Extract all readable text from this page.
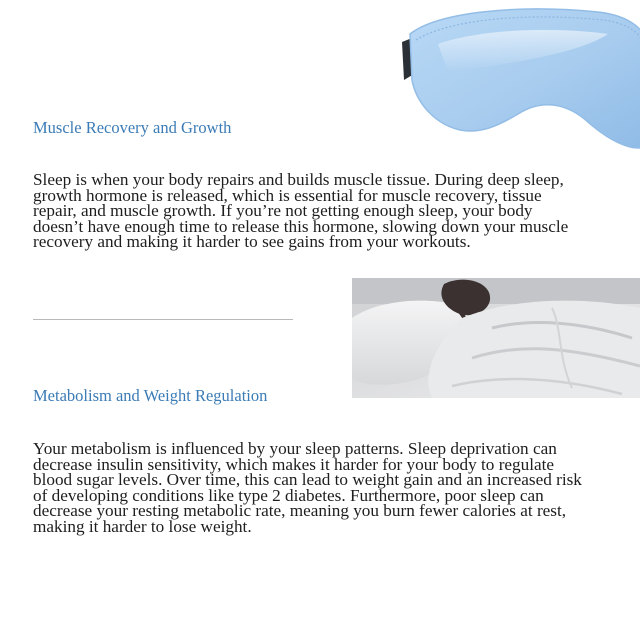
Muscle Recovery and Growth

Sleep is when your body repairs and builds muscle tissue. During deep sleep, growth hormone is released, which is essential for muscle recovery, tissue repair, and muscle growth. If you’re not getting enough sleep, your body doesn’t have enough time to release this hormone, slowing down your muscle recovery and making it harder to see gains from your workouts.

Metabolism and Weight Regulation

Your metabolism is influenced by your sleep patterns. Sleep deprivation can decrease insulin sensitivity, which makes it harder for your body to regulate blood sugar levels. Over time, this can lead to weight gain and an increased risk of developing conditions like type 2 diabetes. Furthermore, poor sleep can decrease your resting metabolic rate, meaning you burn fewer calories at rest, making it harder to lose weight.
